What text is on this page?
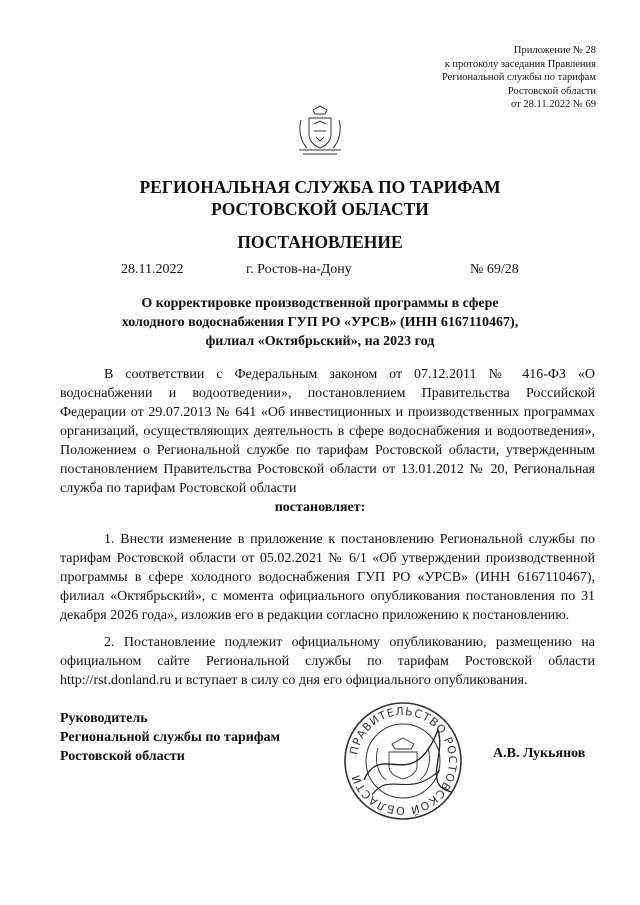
Приложение № 28
к протоколу заседания Правления
Региональной службы по тарифам
Ростовской области
от 28.11.2022 № 69
РЕГИОНАЛЬНАЯ СЛУЖБА ПО ТАРИФАМ
РОСТОВСКОЙ ОБЛАСТИ
ПОСТАНОВЛЕНИЕ
28.11.2022	г. Ростов-на-Дону	№ 69/28
О корректировке производственной программы в сфере
холодного водоснабжения ГУП РО «УРСВ» (ИНН 6167110467),
филиал «Октябрьский», на 2023 год

В соответствии с Федеральным законом от 07.12.2011 № 416-ФЗ «О водоснабжении и водоотведении», постановлением Правительства Российской Федерации от 29.07.2013 № 641 «Об инвестиционных и производственных программах организаций, осуществляющих деятельность в сфере водоснабжения и водоотведения», Положением о Региональной службе по тарифам Ростовской области, утвержденным постановлением Правительства Ростовской области от 13.01.2012 № 20, Региональная служба по тарифам Ростовской области

постановляет:

1. Внести изменение в приложение к постановлению Региональной службы по тарифам Ростовской области от 05.02.2021 № 6/1 «Об утверждении производственной программы в сфере холодного водоснабжения ГУП РО «УРСВ» (ИНН 6167110467), филиал «Октябрьский», с момента официального опубликования постановления по 31 декабря 2026 года», изложив его в редакции согласно приложению к постановлению.

2. Постановление подлежит официальному опубликованию, размещению на официальном сайте Региональной службы по тарифам Ростовской области http://rst.donland.ru и вступает в силу со дня его официального опубликования.

Руководитель
Региональной службы по тарифам
Ростовской области	ПРАВИТЕЛЬСТВО РОСТОВСКОЙ ОБЛАСТИ
А.В. Лукьянов
